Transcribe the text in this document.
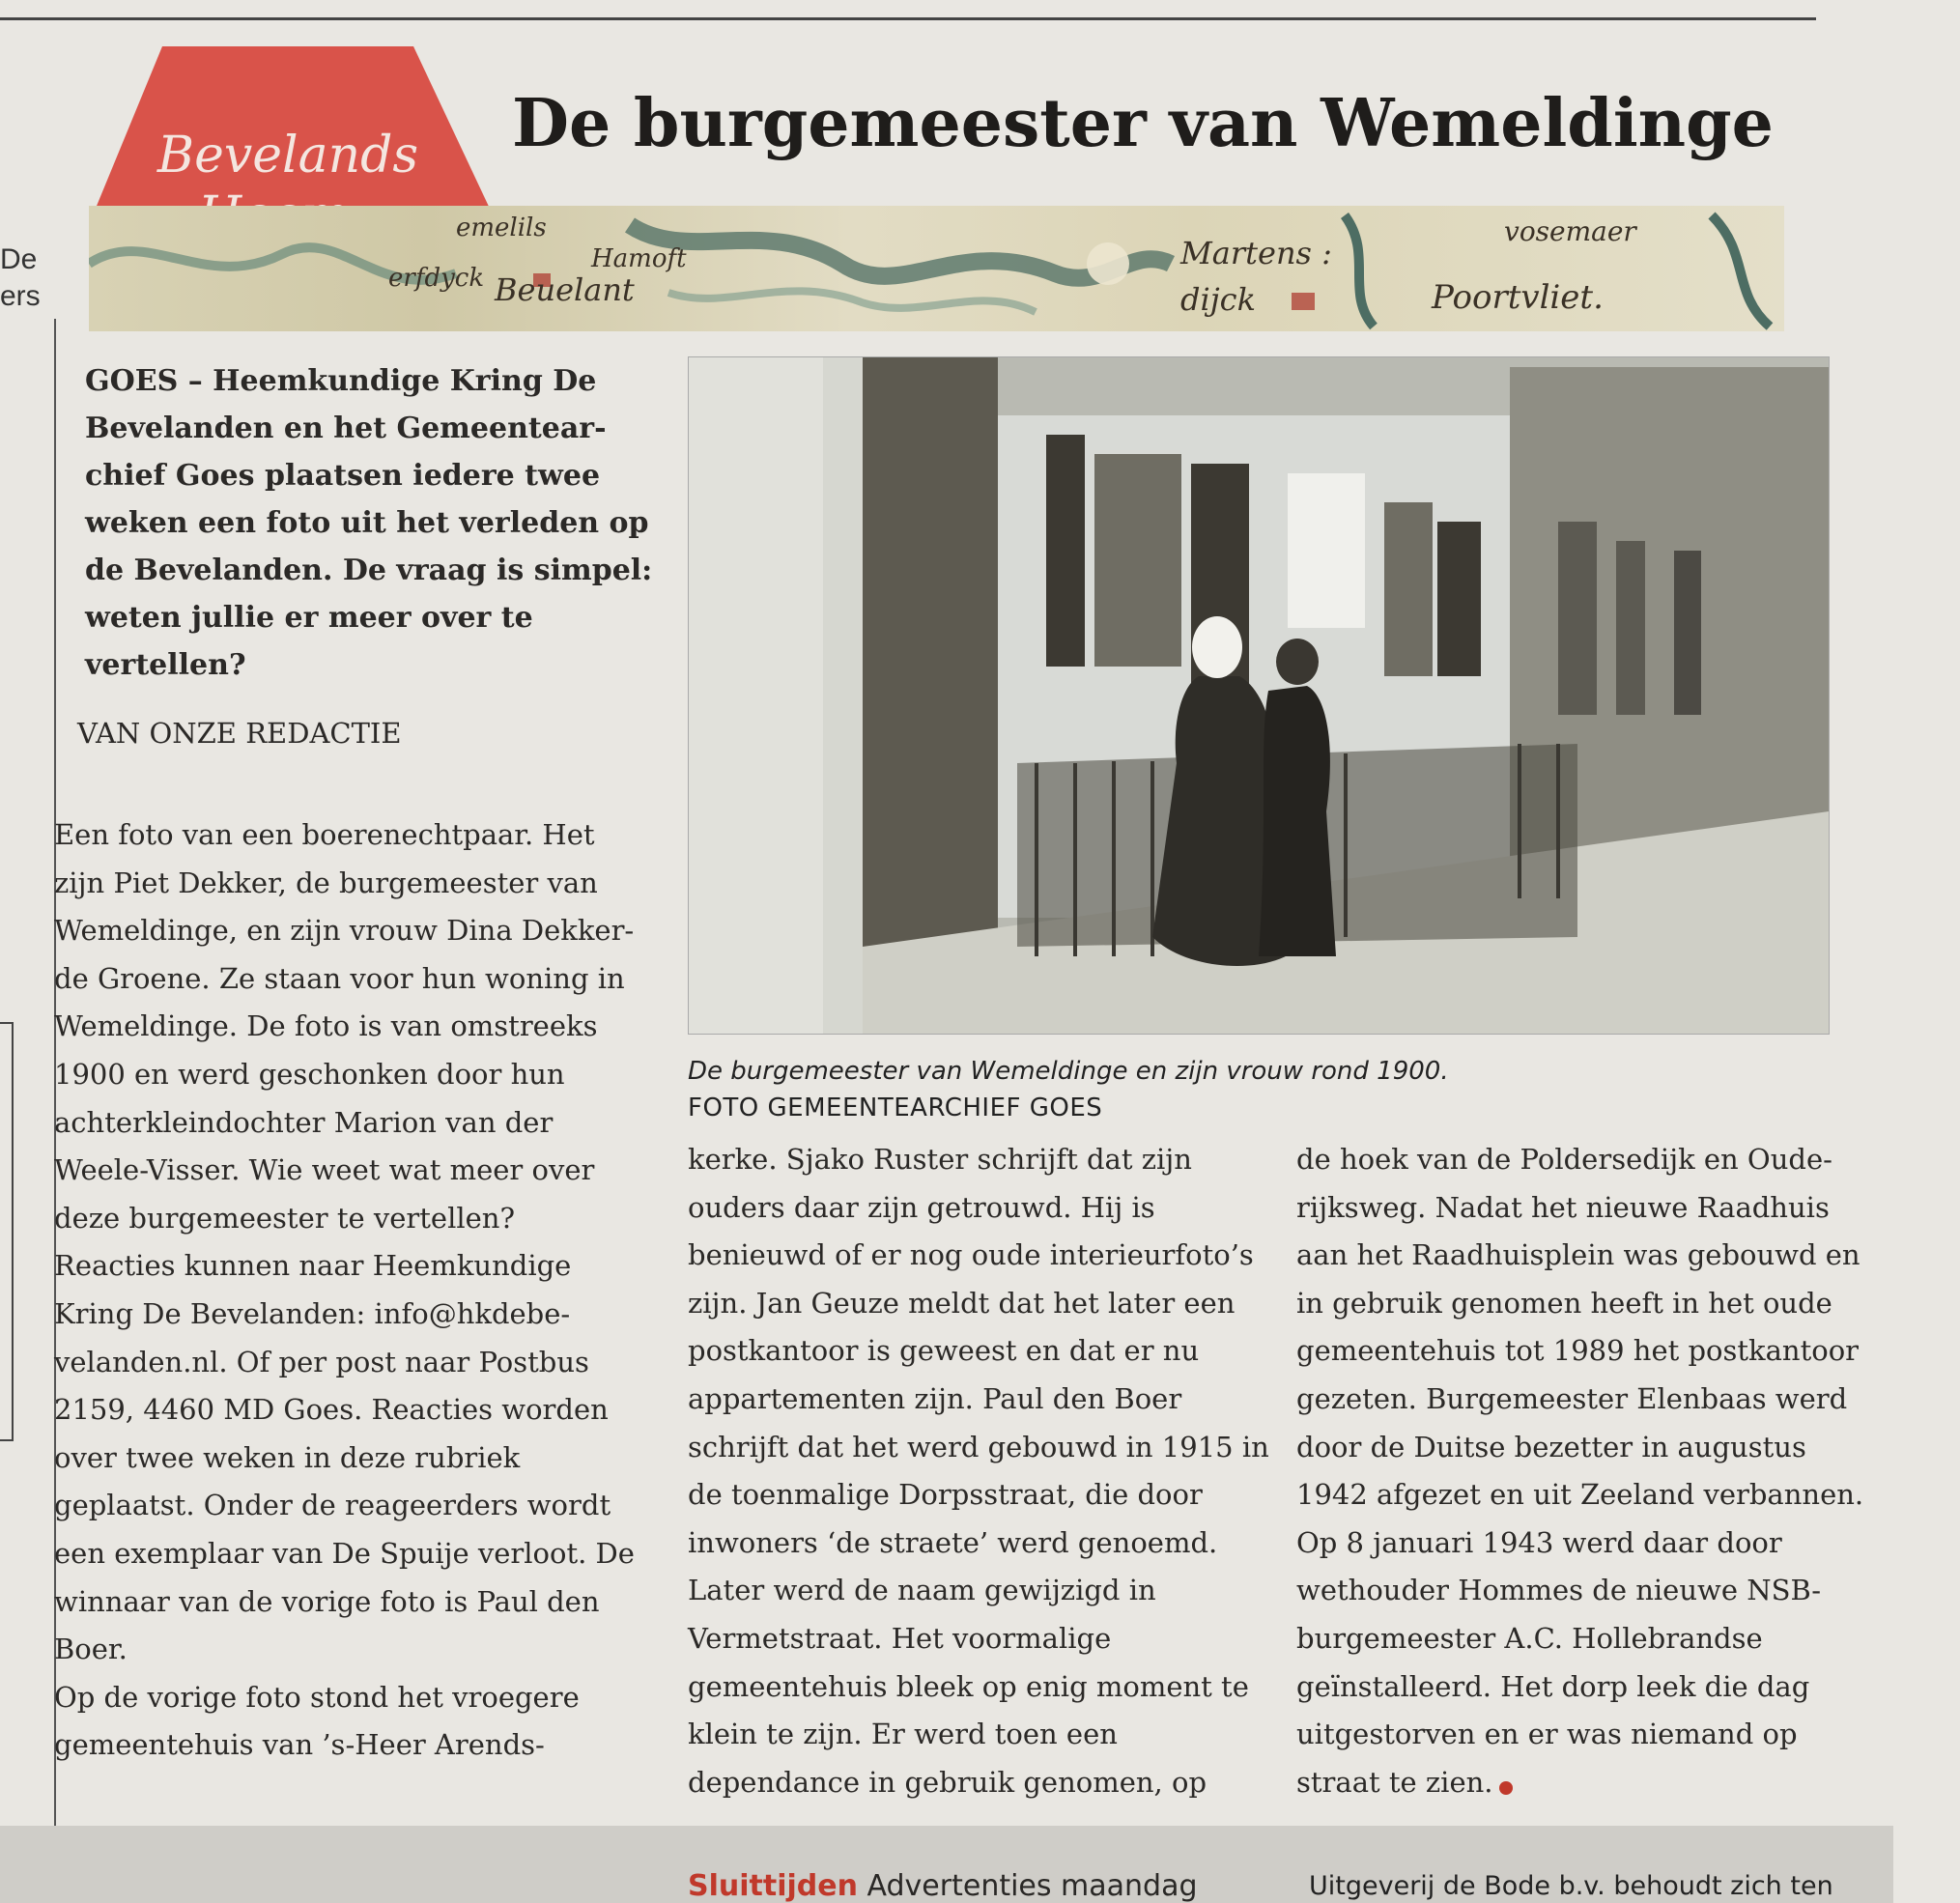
De
ers
Bevelands De burgemeester van Wemeldinge
emelils
Hamoft
erfdyck Beuelant
Martens :
dijck
vosemaer
Poortvliet.

GOES – Heemkundige Kring De Bevelanden en het Gemeentearchief Goes plaatsen iedere twee weken een foto uit het verleden op de Bevelanden. De vraag is simpel: weten jullie er meer over te vertellen?

VAN ONZE REDACTIE

Een foto van een boerenechtpaar. Het zijn Piet Dekker, de burgemeester van Wemeldinge, en zijn vrouw Dina Dekker-de Groene. Ze staan voor hun woning in Wemeldinge. De foto is van omstreeks 1900 en werd geschonken door hun achterkleindochter Marion van der Weele-Visser. Wie weet wat meer over deze burgemeester te vertellen?

Reacties kunnen naar Heemkundige Kring De Bevelanden: info@hkdebevelanden.nl. Of per post naar Postbus 2159, 4460 MD Goes. Reacties worden over twee weken in deze rubriek geplaatst. Onder de reageerders wordt een exemplaar van De Spuije verloot. De winnaar van de vorige foto is Paul den Boer.

Op de vorige foto stond het vroegere gemeentehuis van ’s-Heer Arends-

De burgemeester van Wemeldinge en zijn vrouw rond 1900.
FOTO GEMEENTEARCHIEF GOES

kerke. Sjako Ruster schrijft dat zijn ouders daar zijn getrouwd. Hij is benieuwd of er nog oude interieurfoto’s zijn. Jan Geuze meldt dat het later een postkantoor is geweest en dat er nu appartementen zijn. Paul den Boer schrijft dat het werd gebouwd in 1915 in de toenmalige Dorpsstraat, die door inwoners ‘de straete’ werd genoemd. Later werd de naam gewijzigd in Vermetstraat. Het voormalige gemeentehuis bleek op enig moment te klein te zijn. Er werd toen een dependance in gebruik genomen, op

de hoek van de Poldersedijk en Ouderijksweg. Nadat het nieuwe Raadhuis aan het Raadhuisplein was gebouwd en in gebruik genomen heeft in het oude gemeentehuis tot 1989 het postkantoor gezeten. Burgemeester Elenbaas werd door de Duitse bezetter in augustus 1942 afgezet en uit Zeeland verbannen. Op 8 januari 1943 werd daar door wethouder Hommes de nieuwe NSB-burgemeester A.C. Hollebrandse geïnstalleerd. Het dorp leek die dag uitgestorven en er was niemand op straat te zien.

Sluittijden Advertenties maandag	Uitgeverij de Bode b.v. behoudt zich ten
